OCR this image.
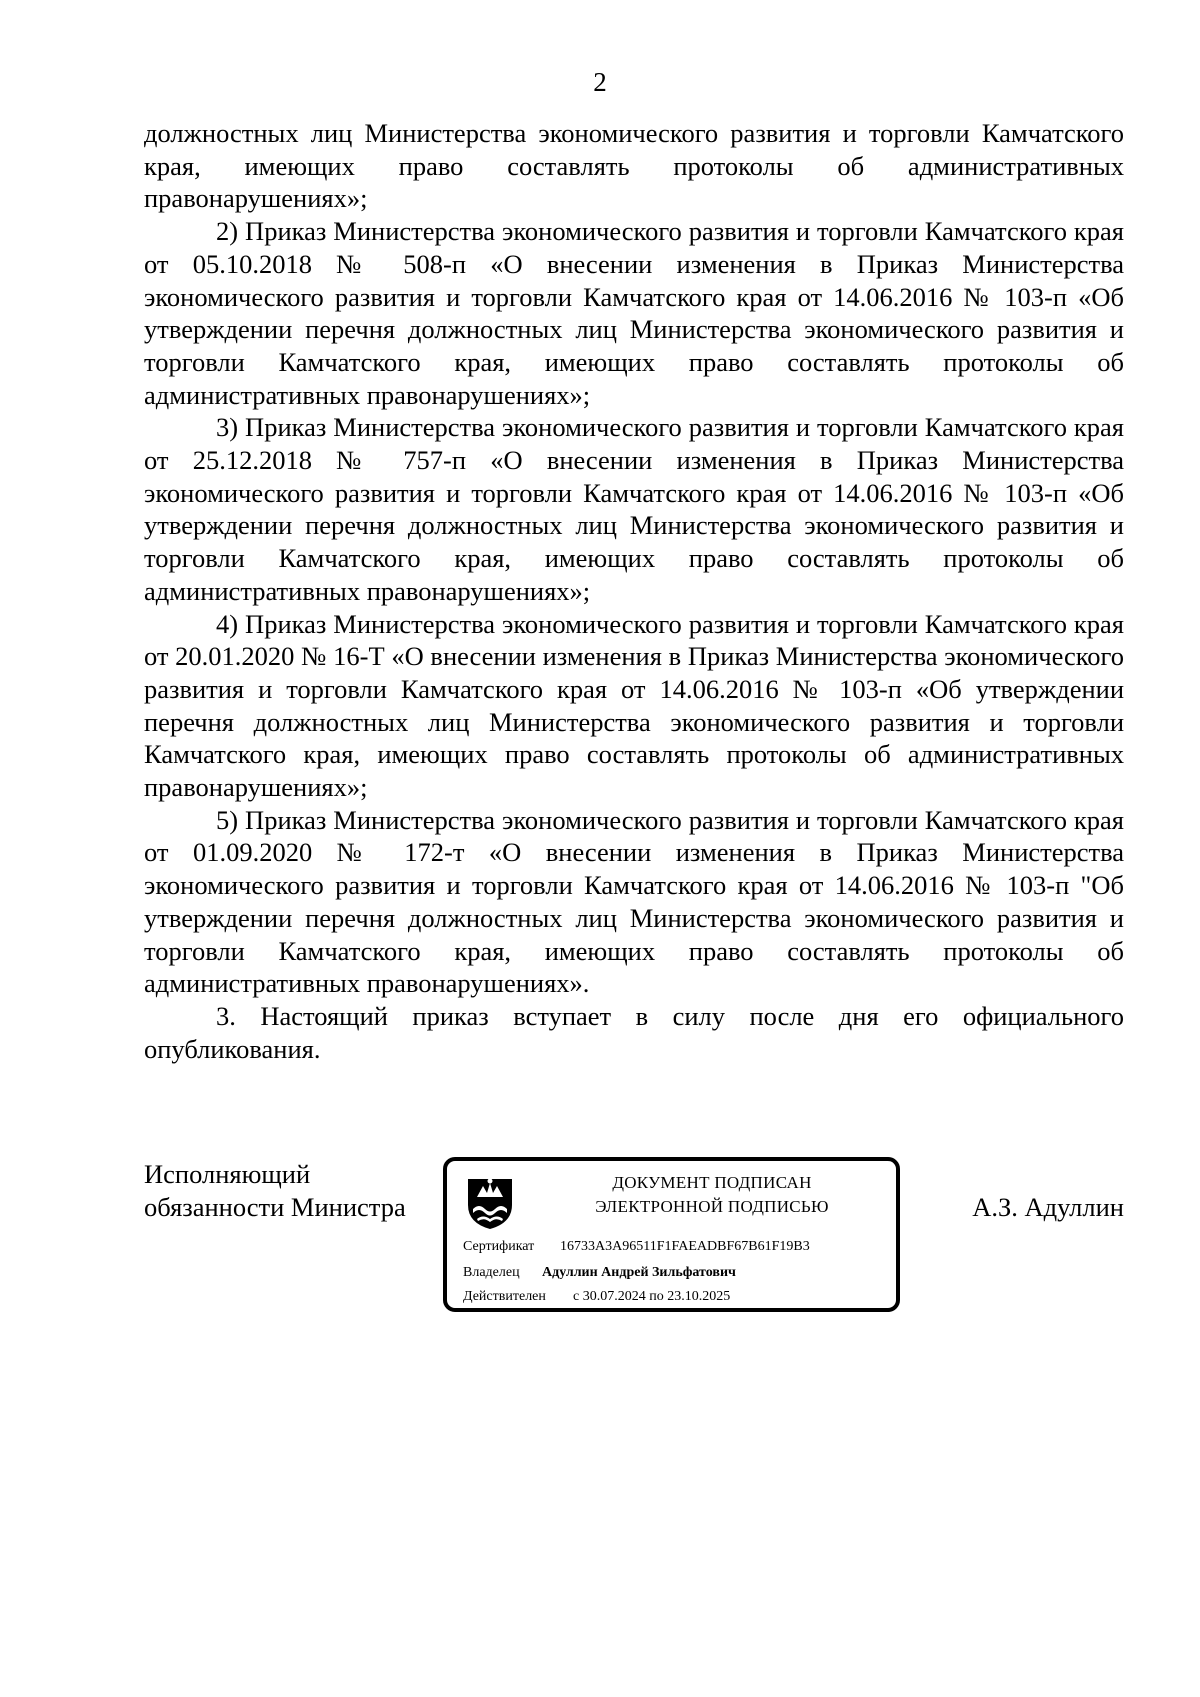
2

должностных лиц Министерства экономического развития и торговли Камчатского края, имеющих право составлять протоколы об административных правонарушениях»;

2) Приказ Министерства экономического развития и торговли Камчатского края от 05.10.2018 № 508-п «О внесении изменения в Приказ Министерства экономического развития и торговли Камчатского края от 14.06.2016 № 103-п «Об утверждении перечня должностных лиц Министерства экономического развития и торговли Камчатского края, имеющих право составлять протоколы об административных правонарушениях»;

3) Приказ Министерства экономического развития и торговли Камчатского края от 25.12.2018 № 757-п «О внесении изменения в Приказ Министерства экономического развития и торговли Камчатского края от 14.06.2016 № 103-п «Об утверждении перечня должностных лиц Министерства экономического развития и торговли Камчатского края, имеющих право составлять протоколы об административных правонарушениях»;

4) Приказ Министерства экономического развития и торговли Камчатского края от 20.01.2020 № 16-Т «О внесении изменения в Приказ Министерства экономического развития и торговли Камчатского края от 14.06.2016 № 103-п «Об утверждении перечня должностных лиц Министерства экономического развития и торговли Камчатского края, имеющих право составлять протоколы об административных правонарушениях»;

5) Приказ Министерства экономического развития и торговли Камчатского края от 01.09.2020 № 172-т «О внесении изменения в Приказ Министерства экономического развития и торговли Камчатского края от 14.06.2016 № 103-п "Об утверждении перечня должностных лиц Министерства экономического развития и торговли Камчатского края, имеющих право составлять протоколы об административных правонарушениях».

3. Настоящий приказ вступает в силу после дня его официального опубликования.

Исполняющий
обязанности Министра	А.З. Адуллин
ДОКУМЕНТ ПОДПИСАН
ЭЛЕКТРОННОЙ ПОДПИСЬЮ
Сертификат 16733A3A96511F1FAEADBF67B61F19B3
Владелец Адуллин Андрей Зильфатович
Действителен с 30.07.2024 по 23.10.2025
